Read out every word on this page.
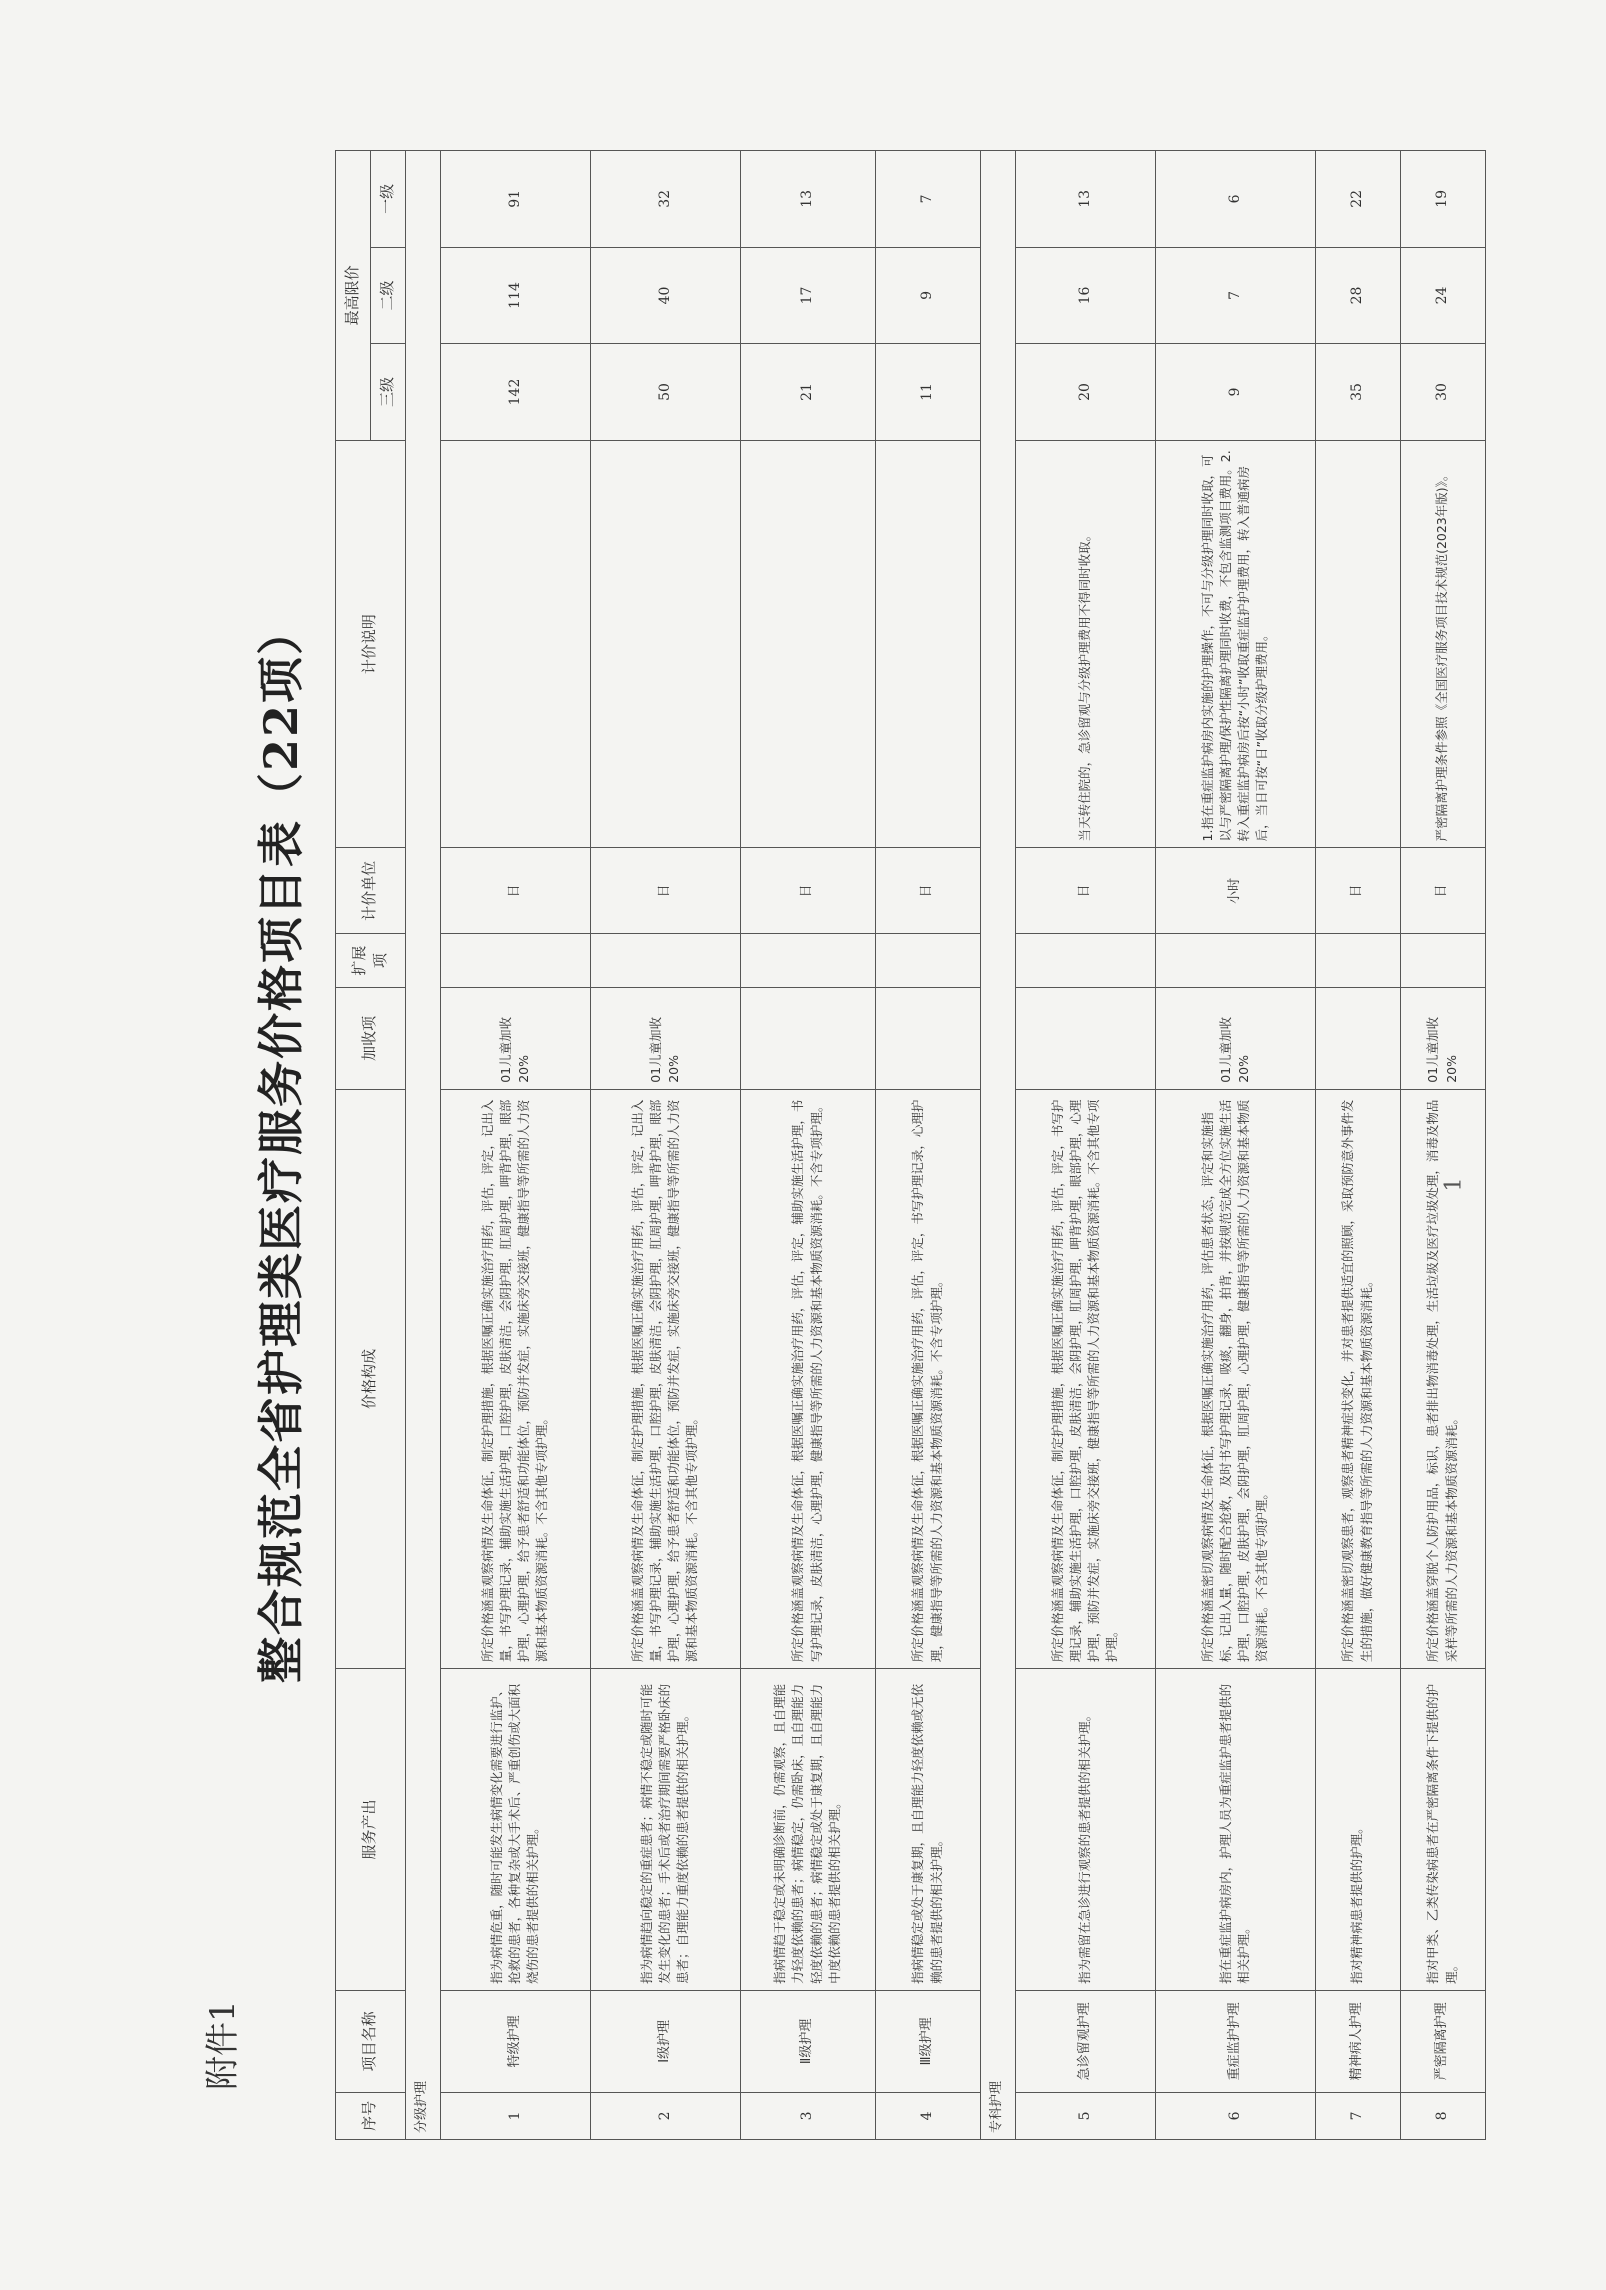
1
附件1
整合规范全省护理类医疗服务价格项目表（22项）
序号	项目名称	服务产出	价格构成	加收项	扩展项	计价单位	计价说明	最高限价		
								三级	二级	一级
分级护理										
1	特级护理	指为病情危重，随时可能发生病情变化需要进行监护、抢救的患者，各种复杂或大手术后、严重创伤或大面积烧伤的患者提供的相关护理。	所定价格涵盖观察病情及生命体征，制定护理措施，根据医嘱正确实施治疗用药，评估，评定，记出入量，书写护理记录，辅助实施生活护理，口腔护理，皮肤清洁，会阴护理，肛周护理，呷背护理，眼部护理，心理护理，给予患者舒适和功能体位，预防并发症，实施床旁交接班，健康指导等所需的人力资源和基本物质资源消耗。不含其他专项护理。	01儿童加收20%		日		142	114	91
2	Ⅰ级护理	指为病情趋向稳定的重症患者；病情不稳定或随时可能发生变化的患者；手术后或者治疗期间需要严格卧床的患者；自理能力重度依赖的患者提供的相关护理。	所定价格涵盖观察病情及生命体征，制定护理措施，根据医嘱正确实施治疗用药，评估，评定，记出入量，书写护理记录，辅助实施生活护理，口腔护理，皮肤清洁，会阴护理，肛周护理，呷背护理，眼部护理，心理护理，给予患者舒适和功能体位，预防并发症，实施床旁交接班，健康指导等所需的人力资源和基本物质资源消耗。不含其他专项护理。	01儿童加收20%		日		50	40	32
3	Ⅱ级护理	指病情趋于稳定或未明确诊断前，仍需观察，且自理能力轻度依赖的患者；病情稳定，仍需卧床，且自理能力轻度依赖的患者；病情稳定或处于康复期，且自理能力中度依赖的患者提供的相关护理。	所定价格涵盖观察病情及生命体征，根据医嘱正确实施治疗用药，评估，评定，辅助实施生活护理，书写护理记录，皮肤清洁，心理护理，健康指导等所需的人力资源和基本物质资源消耗。不含专项护理。			日		21	17	13
4	Ⅲ级护理	指病情稳定或处于康复期，且自理能力轻度依赖或无依赖的患者提供的相关护理。	所定价格涵盖观察病情及生命体征，根据医嘱正确实施治疗用药，评估，评定，书写护理记录，心理护理，健康指导等所需的人力资源和基本物质资源消耗。不含专项护理。			日		11	9	7
专科护理										
5	急诊留观护理	指为需留在急诊进行观察的患者提供的相关护理。	所定价格涵盖观察病情及生命体征，制定护理措施，根据医嘱正确实施治疗用药，评估，评定，书写护理记录，辅助实施生活护理，口腔护理，皮肤清洁，会阴护理，肛周护理，呷背护理，眼部护理，心理护理，预防并发症，实施床旁交接班，健康指导等所需的人力资源和基本物质资源消耗。不含其他专项护理。			日	当天转住院的，急诊留观与分级护理费用不得同时收取。	20	16	13
6	重症监护护理	指在重症监护病房内，护理人员为重症监护患者提供的相关护理。	所定价格涵盖密切观察病情及生命体征，根据医嘱正确实施治疗用药，评估患者状态，评定和实施指标，记出入量，随时配合抢救，及时书写护理记录，吸痰，翻身，拍背，并按规范完成全方位实施生活护理，口腔护理，皮肤护理，会阴护理，肛周护理，心理护理，健康指导等所需的人力资源和基本物质资源消耗。不含其他专项护理。	01儿童加收20%		小时	1.指在重症监护病房内实施的护理操作，不可与分级护理同时收取，可以与严密隔离护理/保护性隔离护理同时收费，不包含监测项目费用。2.转入重症监护病房后按“小时”收取重症监护护理费用，转入普通病房后，当日可按“日”收取分级护理费用。	9	7	6
7	精神病人护理	指对精神病患者提供的护理。	所定价格涵盖密切观察患者，观察患者精神症状变化，并对患者提供适宜的照顾，采取预防意外事件发生的措施，做好健康教育指导等所需的人力资源和基本物质资源消耗。			日		35	28	22
8	严密隔离护理	指对甲类、乙类传染病患者在严密隔离条件下提供的护理。	所定价格涵盖穿脱个人防护用品，标识，患者排出物消毒处理，生活垃圾及医疗垃圾处理，消毒及物品采样等所需的人力资源和基本物质资源消耗。	01儿童加收20%		日	严密隔离护理条件参照《全国医疗服务项目技术规范(2023年版)》。	30	24	19
